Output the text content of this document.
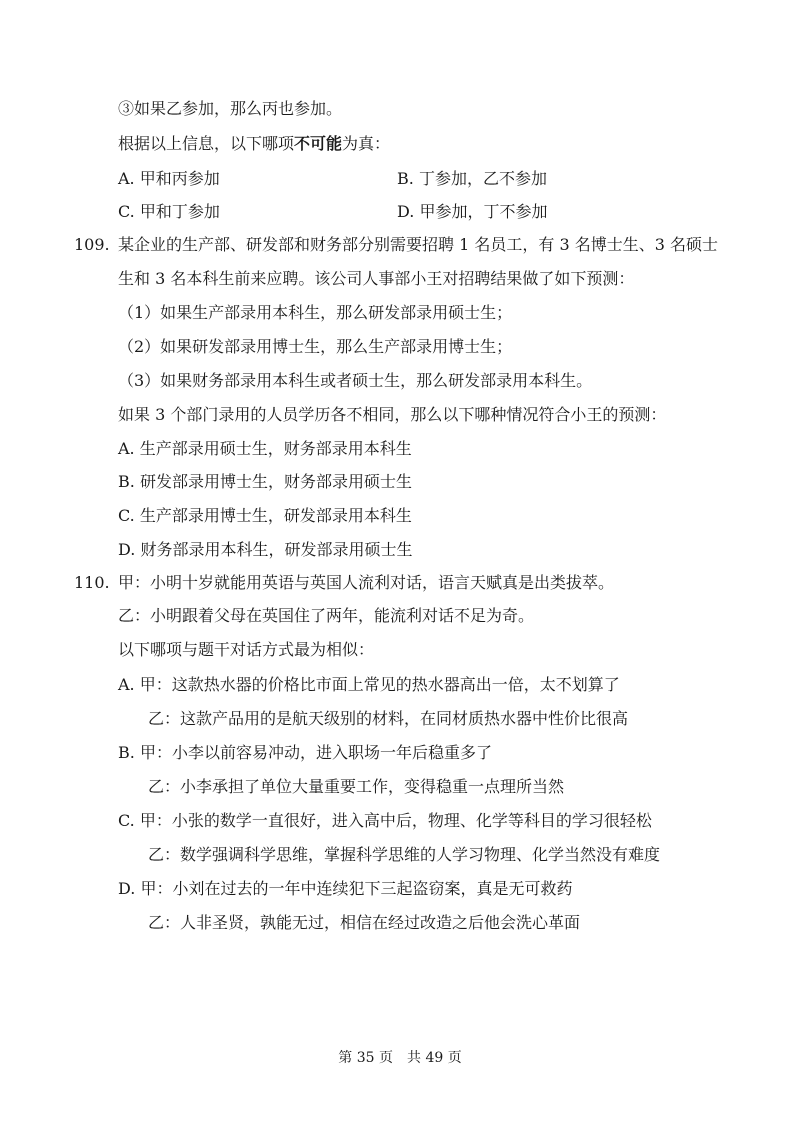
③如果乙参加，那么丙也参加。
根据以上信息，以下哪项不可能为真：
A. 甲和丙参加	B. 丁参加，乙不参加
C. 甲和丁参加	D. 甲参加，丁不参加
109. 某企业的生产部、研发部和财务部分别需要招聘 1 名员工，有 3 名博士生、3 名硕士
生和 3 名本科生前来应聘。该公司人事部小王对招聘结果做了如下预测：
（1）如果生产部录用本科生，那么研发部录用硕士生；
（2）如果研发部录用博士生，那么生产部录用博士生；
（3）如果财务部录用本科生或者硕士生，那么研发部录用本科生。
如果 3 个部门录用的人员学历各不相同，那么以下哪种情况符合小王的预测：
A. 生产部录用硕士生，财务部录用本科生
B. 研发部录用博士生，财务部录用硕士生
C. 生产部录用博士生，研发部录用本科生
D. 财务部录用本科生，研发部录用硕士生
110. 甲：小明十岁就能用英语与英国人流利对话，语言天赋真是出类拔萃。
乙：小明跟着父母在英国住了两年，能流利对话不足为奇。
以下哪项与题干对话方式最为相似：
A. 甲：这款热水器的价格比市面上常见的热水器高出一倍，太不划算了
乙：这款产品用的是航天级别的材料，在同材质热水器中性价比很高
B. 甲：小李以前容易冲动，进入职场一年后稳重多了
乙：小李承担了单位大量重要工作，变得稳重一点理所当然
C. 甲：小张的数学一直很好，进入高中后，物理、化学等科目的学习很轻松
乙：数学强调科学思维，掌握科学思维的人学习物理、化学当然没有难度
D. 甲：小刘在过去的一年中连续犯下三起盗窃案，真是无可救药
乙：人非圣贤，孰能无过，相信在经过改造之后他会洗心革面
第 35 页　共 49 页
